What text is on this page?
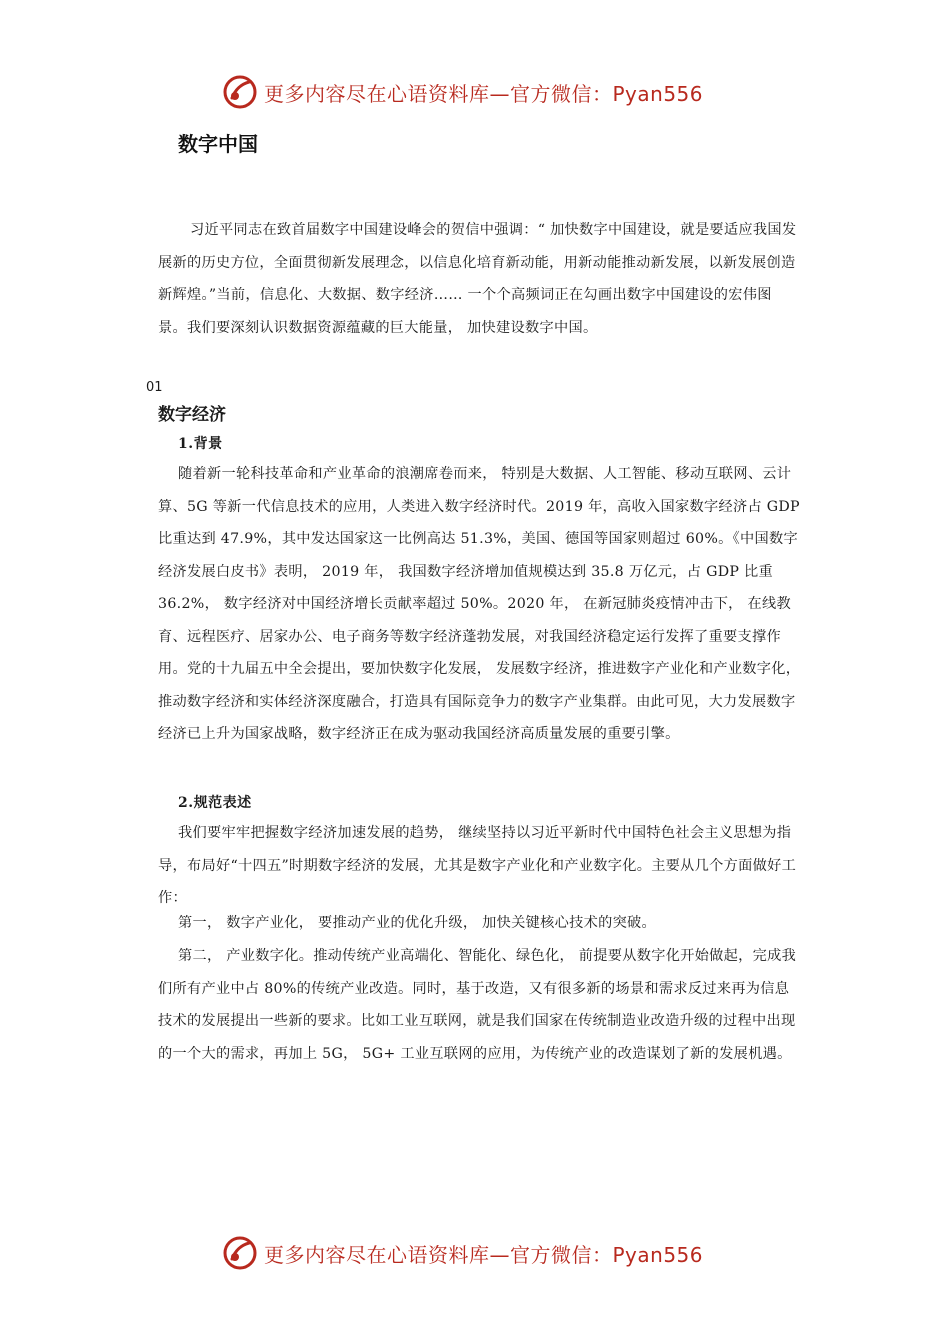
更多内容尽在心语资料库—官方微信：Pyan556
数字中国

习近平同志在致首届数字中国建设峰会的贺信中强调：“ 加快数字中国建设，就是要适应我国发展新的历史方位，全面贯彻新发展理念，以信息化培育新动能，用新动能推动新发展，以新发展创造新辉煌。”当前，信息化、大数据、数字经济…… 一个个高频词正在勾画出数字中国建设的宏伟图景。我们要深刻认识数据资源蕴藏的巨大能量， 加快建设数字中国。

01
数字经济
1.背景

随着新一轮科技革命和产业革命的浪潮席卷而来， 特别是大数据、人工智能、移动互联网、云计算、5G 等新一代信息技术的应用，人类进入数字经济时代。2019 年，高收入国家数字经济占 GDP 比重达到 47.9%，其中发达国家这一比例高达 51.3%，美国、德国等国家则超过 60%。《中国数字经济发展白皮书》表明， 2019 年， 我国数字经济增加值规模达到 35.8 万亿元，占 GDP 比重 36.2%， 数字经济对中国经济增长贡献率超过 50%。2020 年， 在新冠肺炎疫情冲击下， 在线教育、远程医疗、居家办公、电子商务等数字经济蓬勃发展，对我国经济稳定运行发挥了重要支撑作用。党的十九届五中全会提出，要加快数字化发展， 发展数字经济，推进数字产业化和产业数字化，推动数字经济和实体经济深度融合，打造具有国际竞争力的数字产业集群。由此可见，大力发展数字经济已上升为国家战略，数字经济正在成为驱动我国经济高质量发展的重要引擎。

2.规范表述

我们要牢牢把握数字经济加速发展的趋势， 继续坚持以习近平新时代中国特色社会主义思想为指导，布局好“十四五”时期数字经济的发展，尤其是数字产业化和产业数字化。主要从几个方面做好工作：

第一， 数字产业化， 要推动产业的优化升级， 加快关键核心技术的突破。

第二， 产业数字化。推动传统产业高端化、智能化、绿色化， 前提要从数字化开始做起，完成我们所有产业中占 80%的传统产业改造。同时，基于改造，又有很多新的场景和需求反过来再为信息技术的发展提出一些新的要求。比如工业互联网，就是我们国家在传统制造业改造升级的过程中出现的一个大的需求，再加上 5G， 5G+ 工业互联网的应用，为传统产业的改造谋划了新的发展机遇。

更多内容尽在心语资料库—官方微信：Pyan556
